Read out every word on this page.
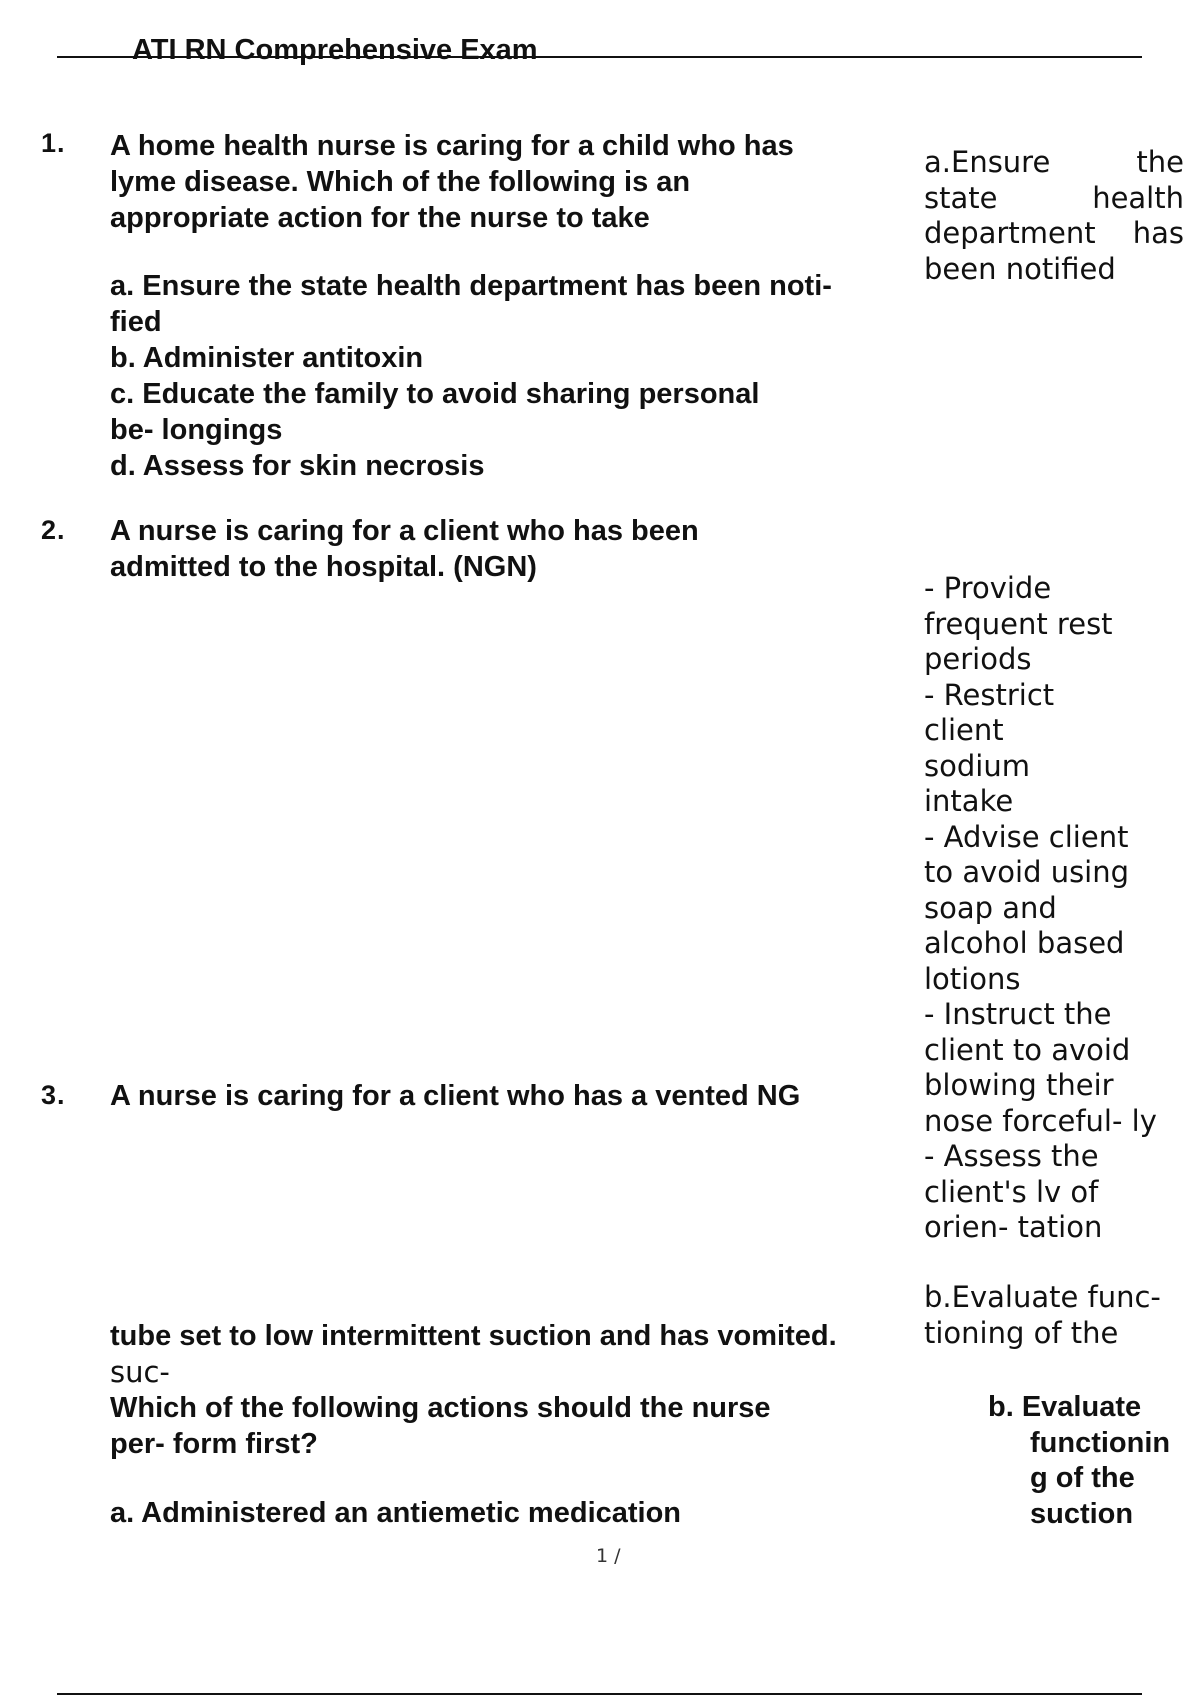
ATI RN Comprehensive Exam
1. A home health nurse is caring for a child who has
lyme disease. Which of the following is an
appropriate action for the nurse to take
a. Ensure the state health department has been noti-
fied
b. Administer antitoxin
c. Educate the family to avoid sharing personal
be- longings
d. Assess for skin necrosis
a.Ensure	the
state	health
department has
been notified
2. A nurse is caring for a client who has been
admitted to the hospital. (NGN)
- Provide
frequent rest
periods
- Restrict
client
sodium
intake
- Advise client
to avoid using
soap and
alcohol based
lotions
- Instruct the
client to avoid
blowing their
nose forceful- ly
- Assess the
client's lv of
orien- tation
3. A nurse is caring for a client who has a vented NG
b.Evaluate func-
tioning of the
tube set to low intermittent suction and has vomited.
suc-
Which of the following actions should the nurse
per- form first?
a. Administered an antiemetic medication
b. Evaluate
functionin
g of the
suction
1 /
